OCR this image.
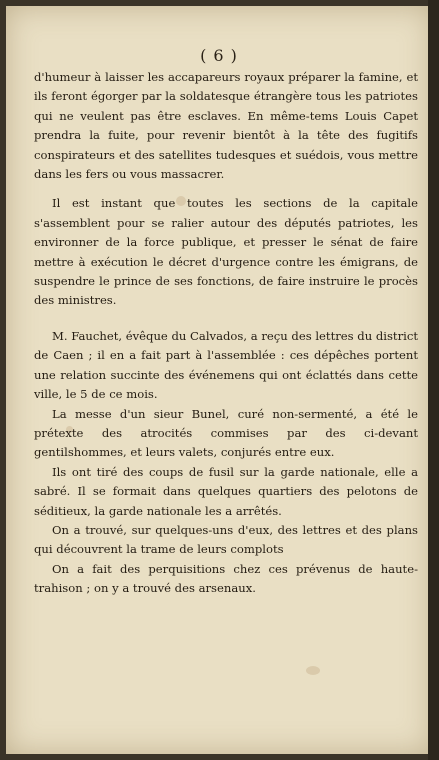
( 6 )

d'humeur à laisser les accapareurs royaux préparer la famine, et ils feront égorger par la soldatesque étrangère tous les patriotes qui ne veulent pas être esclaves. En même-tems Louis Capet prendra la fuite, pour revenir bientôt à la tête des fugitifs conspirateurs et des satellites tudesques et suédois, vous mettre dans les fers ou vous massacrer.

Il est instant que toutes les sections de la capitale s'assemblent pour se ralier autour des députés patriotes, les environner de la force publique, et presser le sénat de faire mettre à exécution le décret d'urgence contre les émigrans, de suspendre le prince de ses fonctions, de faire instruire le procès des ministres.

M. Fauchet, évêque du Calvados, a reçu des lettres du district de Caen ; il en a fait part à l'assemblée : ces dépêches portent une relation succinte des événemens qui ont éclattés dans cette ville, le 5 de ce mois.

La messe d'un sieur Bunel, curé non-sermenté, a été le prétexte des atrocités commises par des ci-devant gentilshommes, et leurs valets, conjurés entre eux.

Ils ont tiré des coups de fusil sur la garde nationale, elle a sabré. Il se formait dans quelques quartiers des pelotons de séditieux, la garde nationale les a arrêtés.

On a trouvé, sur quelques-uns d'eux, des lettres et des plans qui découvrent la trame de leurs complots

On a fait des perquisitions chez ces prévenus de haute-trahison ; on y a trouvé des arsenaux.
